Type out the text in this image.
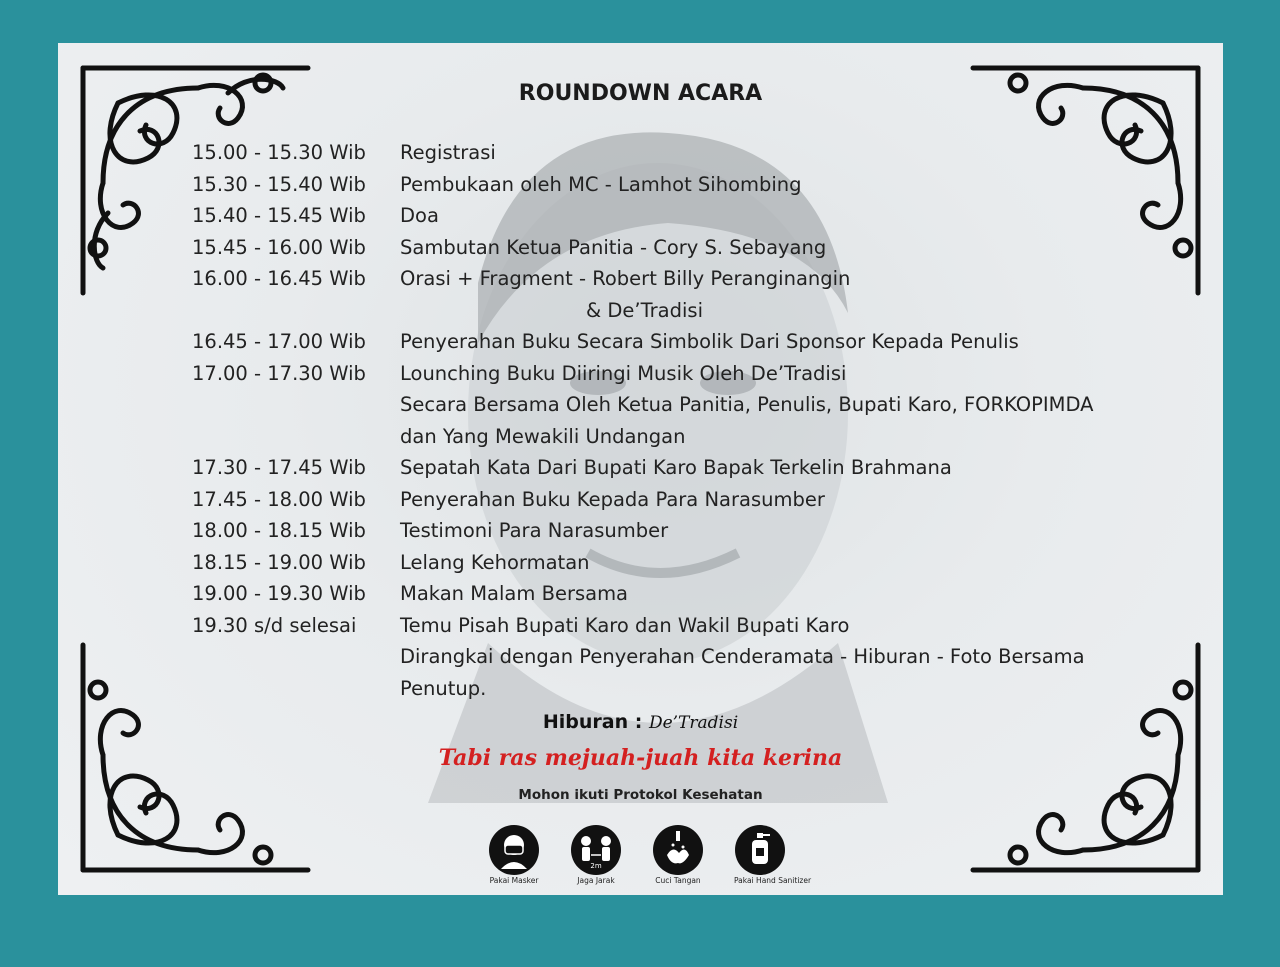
ROUNDOWN ACARA
15.00 - 15.30 Wib	Registrasi
15.30 - 15.40 Wib	Pembukaan oleh MC - Lamhot Sihombing
15.40 - 15.45 Wib	Doa
15.45 - 16.00 Wib	Sambutan Ketua Panitia - Cory S. Sebayang
16.00 - 16.45 Wib	Orasi + Fragment - Robert Billy Peranginangin
& De’Tradisi
16.45 - 17.00 Wib	Penyerahan Buku Secara Simbolik Dari Sponsor Kepada Penulis
17.00 - 17.30 Wib	Lounching Buku Diiringi Musik Oleh De’Tradisi
Secara Bersama Oleh Ketua Panitia, Penulis, Bupati Karo, FORKOPIMDA
dan Yang Mewakili Undangan
17.30 - 17.45 Wib	Sepatah Kata Dari Bupati Karo Bapak Terkelin Brahmana
17.45 - 18.00 Wib	Penyerahan Buku Kepada Para Narasumber
18.00 - 18.15 Wib	Testimoni Para Narasumber
18.15 - 19.00 Wib	Lelang Kehormatan
19.00 - 19.30 Wib	Makan Malam Bersama
19.30 s/d selesai	Temu Pisah Bupati Karo dan Wakil Bupati Karo
Dirangkai dengan Penyerahan Cenderamata - Hiburan - Foto Bersama
Penutup.
Hiburan : De’Tradisi
Tabi ras mejuah-juah kita kerina
Mohon ikuti Protokol Kesehatan
Pakai Masker
2m
Jaga Jarak	Cuci Tangan	Pakai Hand Sanitizer
